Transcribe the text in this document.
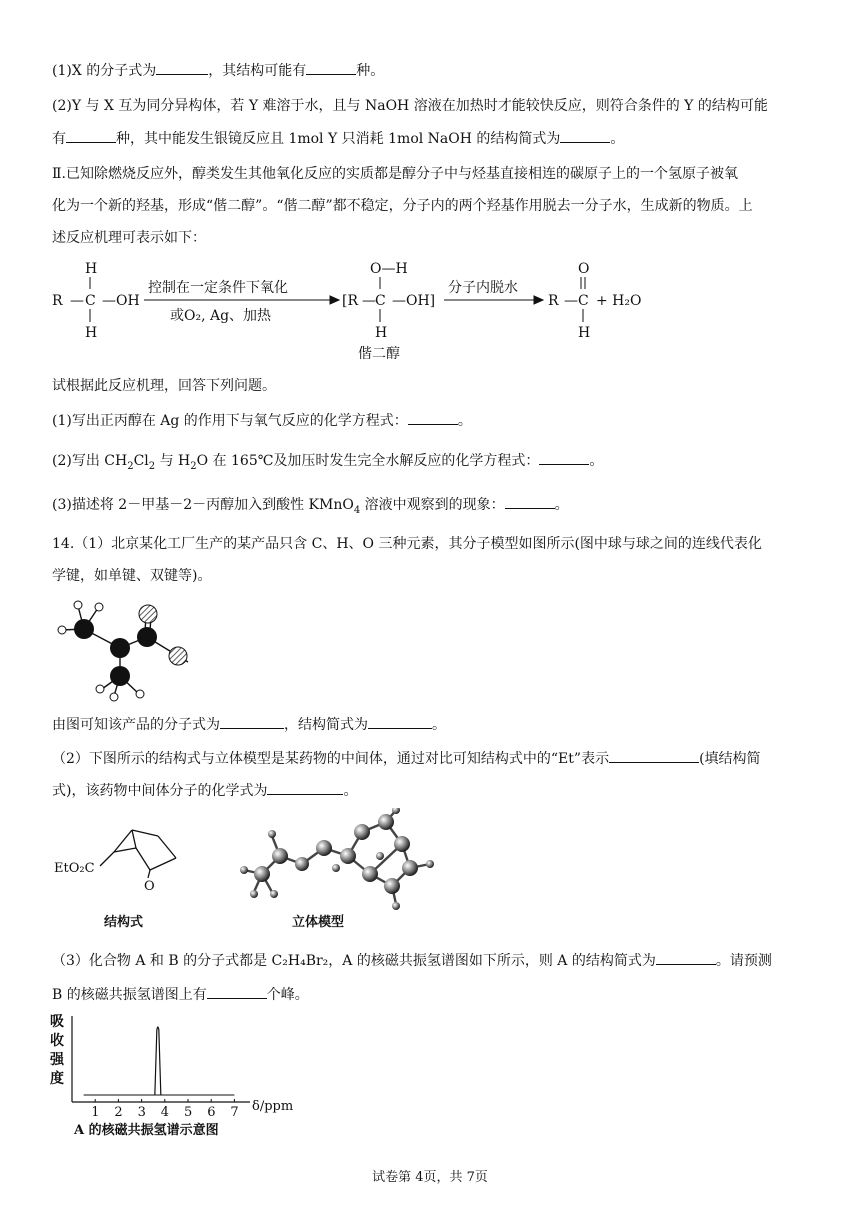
(1)X 的分子式为	，其结构可能有	种。
(2)Y 与 X 互为同分异构体，若 Y 难溶于水，且与 NaOH 溶液在加热时才能较快反应，则符合条件的 Y 的结构可能
有	种，其中能发生银镜反应且 1mol Y 只消耗 1mol NaOH 的结构简式为	。
Ⅱ.已知除燃烧反应外，醇类发生其他氧化反应的实质都是醇分子中与烃基直接相连的碳原子上的一个氢原子被氧
化为一个新的羟基，形成“偕二醇”。“偕二醇”都不稳定，分子内的两个羟基作用脱去一分子水，生成新的物质。上
述反应机理可表示如下：
R — C — OH
H
H
控制在一定条件下氧化
或O₂, Ag、加热
[R — C — OH]
O—H
H
偕二醇
分子内脱水
R — C
O
H
+ H₂O
试根据此反应机理，回答下列问题。
(1)写出正丙醇在 Ag 的作用下与氧气反应的化学方程式：	。
(2)写出 $CH_2Cl_2$ 与 $H_2O$ 在 165℃及加压时发生完全水解反应的化学方程式：	。
(3)描述将 2－甲基－2－丙醇加入到酸性 KMnO$_4$ 溶液中观察到的现象：	。
14.（1）北京某化工厂生产的某产品只含 C、H、O 三种元素，其分子模型如图所示(图中球与球之间的连线代表化
学键，如单键、双键等)。
由图可知该产品的分子式为	，结构简式为	。
（2）下图所示的结构式与立体模型是某药物的中间体，通过对比可知结构式中的“Et”表示	(填结构简
式)，该药物中间体分子的化学式为	。
EtO₂C
O
结构式	立体模型
（3）化合物 A 和 B 的分子式都是 C₂H₄Br₂，A 的核磁共振氢谱图如下所示，则 A 的结构简式为	。请预测
B 的核磁共振氢谱图上有	个峰。
吸
收
强
度
1 2 3 4 5 6 7 δ/ppm
A 的核磁共振氢谱示意图
试卷第 4页，共 7页
